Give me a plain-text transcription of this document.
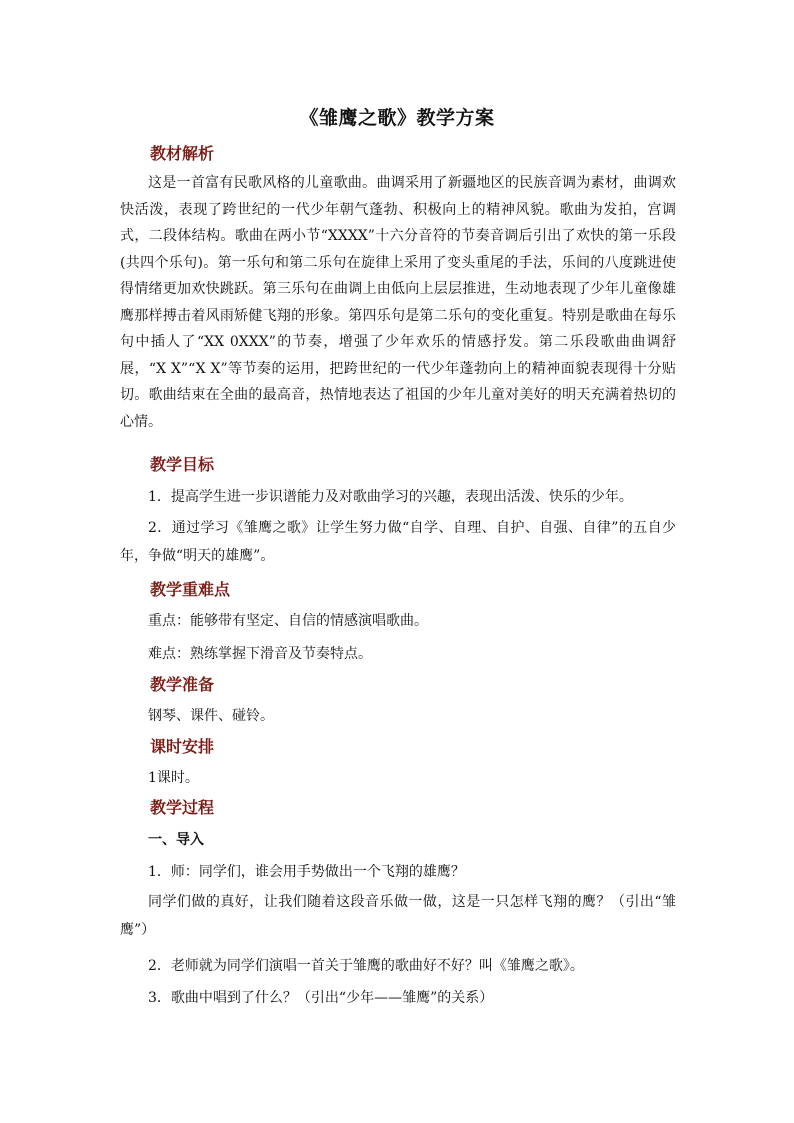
《雏鹰之歌》教学方案
教材解析
这是一首富有民歌风格的儿童歌曲。曲调采用了新疆地区的民族音调为素材，曲调欢快活泼，表现了跨世纪的一代少年朝气蓬勃、积极向上的精神风貌。歌曲为发拍，宫调式，二段体结构。歌曲在两小节“XXXX”十六分音符的节奏音调后引出了欢快的第一乐段(共四个乐句)。第一乐句和第二乐句在旋律上采用了变头重尾的手法，乐间的八度跳进使得情绪更加欢快跳跃。第三乐句在曲调上由低向上层层推进，生动地表现了少年儿童像雄鹰那样搏击着风雨矫健飞翔的形象。第四乐句是第二乐句的变化重复。特别是歌曲在每乐句中插人了“XX 0XXX”的节奏，增强了少年欢乐的情感抒发。第二乐段歌曲曲调舒展，“X X”“X X”等节奏的运用，把跨世纪的一代少年蓬勃向上的精神面貌表现得十分贴切。歌曲结束在全曲的最高音，热情地表达了祖国的少年儿童对美好的明天充满着热切的心情。
教学目标
1．提高学生进一步识谱能力及对歌曲学习的兴趣，表现出活泼、快乐的少年。
2．通过学习《雏鹰之歌》让学生努力做“自学、自理、自护、自强、自律”的五自少年，争做“明天的雄鹰”。
教学重难点
重点：能够带有坚定、自信的情感演唱歌曲。
难点：熟练掌握下滑音及节奏特点。
教学准备
钢琴、课件、碰铃。
课时安排
1课时。
教学过程
一、导入
1．师：同学们，谁会用手势做出一个飞翔的雄鹰？
同学们做的真好，让我们随着这段音乐做一做，这是一只怎样飞翔的鹰？（引出“雏鹰”）
2．老师就为同学们演唱一首关于雏鹰的歌曲好不好？叫《雏鹰之歌》。
3．歌曲中唱到了什么？（引出“少年——雏鹰”的关系）
